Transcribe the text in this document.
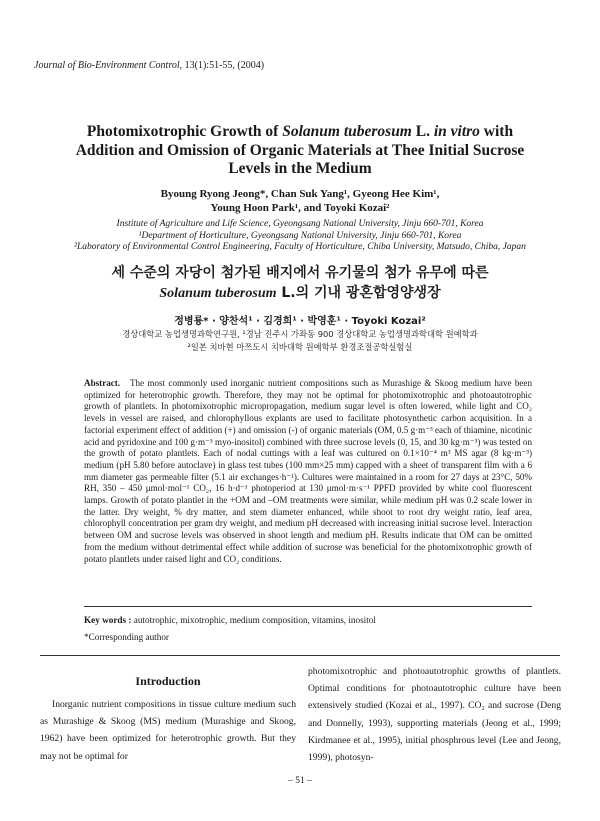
Journal of Bio-Environment Control, 13(1):51-55, (2004)
Photomixotrophic Growth of Solanum tuberosum L. in vitro with Addition and Omission of Organic Materials at Thee Initial Sucrose Levels in the Medium
Byoung Ryong Jeong*, Chan Suk Yang¹, Gyeong Hee Kim¹,
Young Hoon Park¹, and Toyoki Kozai²
Institute of Agriculture and Life Science, Gyeongsang National University, Jinju 660-701, Korea
¹Department of Horticulture, Gyeongsang National University, Jinju 660-701, Korea
²Laboratory of Environmental Control Engineering, Faculty of Horticulture, Chiba University, Matsudo, Chiba, Japan
세 수준의 자당이 첨가된 배지에서 유기물의 첨가 유무에 따른
Solanum tuberosum L.의 기내 광혼합영양생장
정병룡* · 양찬석¹ · 김경희¹ · 박영훈¹ · Toyoki Kozai²
경상대학교 농업생명과학연구원, ¹경남 진주시 가좌동 900 경상대학교 농업생명과학대학 원예학과
²일본 치바현 마쯔도시 치바대학 원예학부 환경조절공학실험실
Abstract. The most commonly used inorganic nutrient compositions such as Murashige & Skoog medium have been optimized for heterotrophic growth. Therefore, they may not be optimal for photomixotrophic and photoautotrophic growth of plantlets. In photomixotrophic micropropagation, medium sugar level is often lowered, while light and CO₂ levels in vessel are raised, and chlorophyllous explants are used to facilitate photosynthetic carbon acquisition. In a factorial experiment effect of addition (+) and omission (-) of organic materials (OM, 0.5 g·m⁻³ each of thiamine, nicotinic acid and pyridoxine and 100 g·m⁻³ myo-inositol) combined with three sucrose levels (0, 15, and 30 kg·m⁻³) was tested on the growth of potato plantlets. Each of nodal cuttings with a leaf was cultured on 0.1×10⁻⁴ m³ MS agar (8 kg·m⁻³) medium (pH 5.80 before autoclave) in glass test tubes (100 mm×25 mm) capped with a sheet of transparent film with a 6 mm diameter gas permeable filter (5.1 air exchanges·h⁻¹). Cultures were maintained in a room for 27 days at 23°C, 50% RH, 350 – 450 μmol·mol⁻¹ CO₂, 16 h·d⁻¹ photoperiod at 130 μmol·m·s⁻¹ PPFD provided by white cool fluorescent lamps. Growth of potato plantlet in the +OM and –OM treatments were similar, while medium pH was 0.2 scale lower in the latter. Dry weight, % dry matter, and stem diameter enhanced, while shoot to root dry weight ratio, leaf area, chlorophyll concentration per gram dry weight, and medium pH decreased with increasing initial sucrose level. Interaction between OM and sucrose levels was observed in shoot length and medium pH. Results indicate that OM can be omitted from the medium without detrimental effect while addition of sucrose was beneficial for the photomixotrophic growth of potato plantlets under raised light and CO₂ conditions.
Key words : autotrophic, mixotrophic, medium composition, vitamins, inositol
*Corresponding author
Introduction
Inorganic nutrient compositions in tissue culture medium such as Murashige & Skoog (MS) medium (Murashige and Skoog, 1962) have been optimized for heterotrophic growth. But they may not be optimal for
photomixotrophic and photoautotrophic growths of plantlets. Optimal conditions for photoautotrophic culture have been extensively studied (Kozai et al., 1997). CO₂ and sucrose (Deng and Donnelly, 1993), supporting materials (Jeong et al., 1999; Kirdmanee et al., 1995), initial phosphrous level (Lee and Jeong, 1999), photosyn-
– 51 –
